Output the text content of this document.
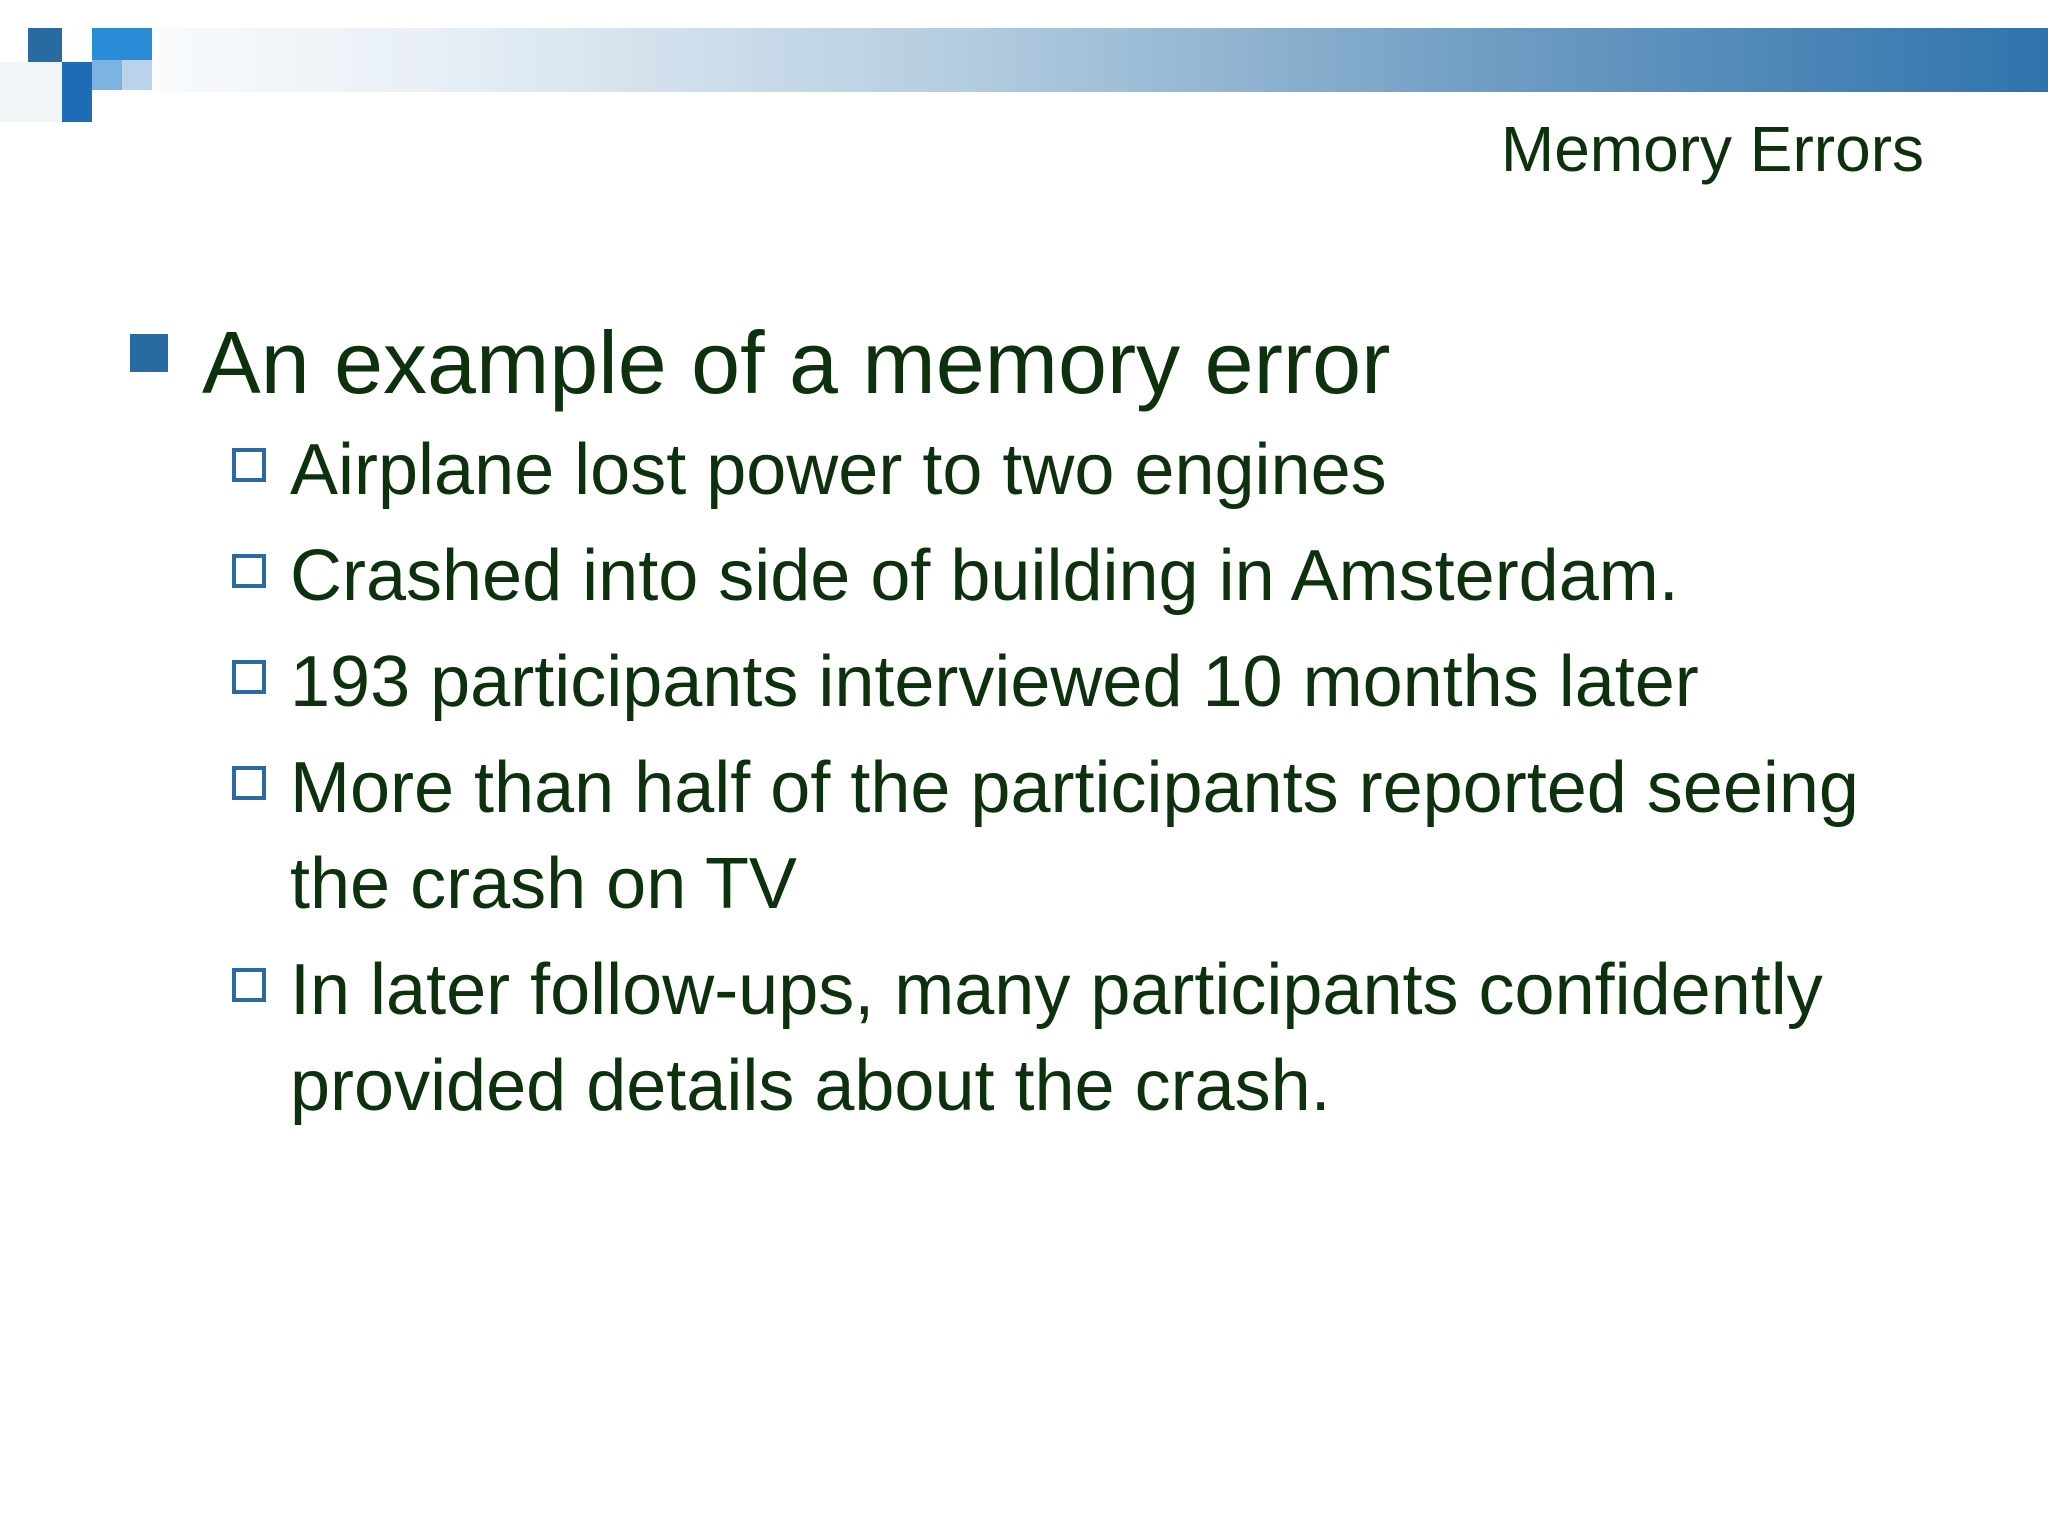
Memory Errors
An example of a memory error
Airplane lost power to two engines
Crashed into side of building in Amsterdam.
193 participants interviewed 10 months later
More than half of the participants reported seeing the crash on TV
In later follow-ups, many participants confidently provided details about the crash.
